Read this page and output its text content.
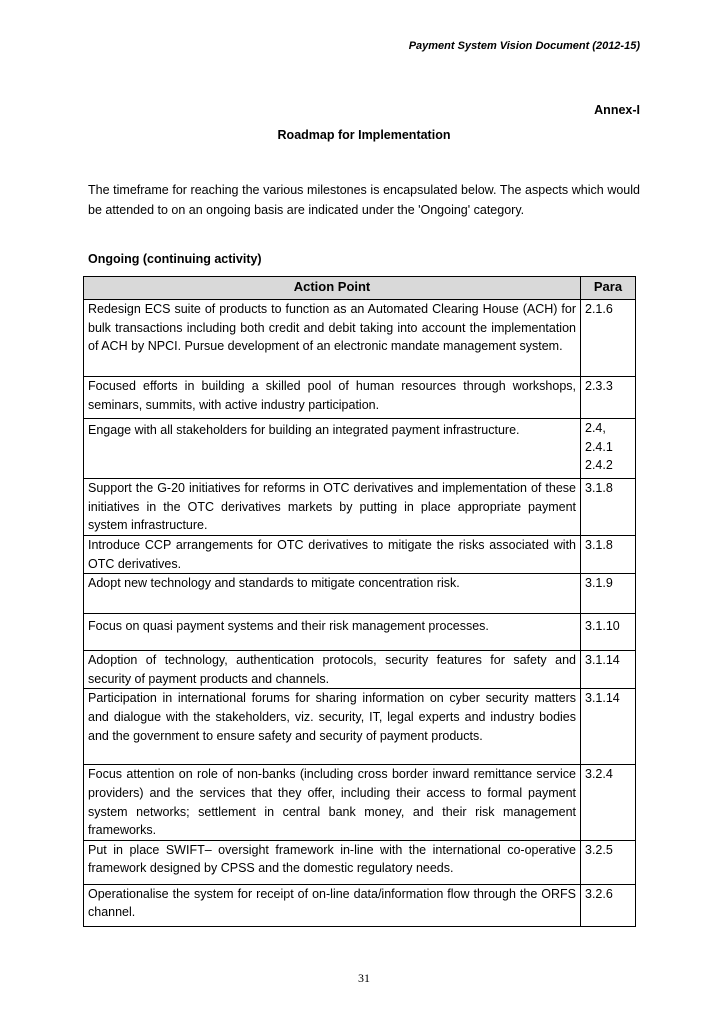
Payment System Vision Document (2012-15)
Annex-I
Roadmap for Implementation
The timeframe for reaching the various milestones is encapsulated below. The aspects which would be attended to on an ongoing basis are indicated under the 'Ongoing' category.
Ongoing (continuing activity)
Action Point	Para
Redesign ECS suite of products to function as an Automated Clearing House (ACH) for bulk transactions including both credit and debit taking into account the implementation of ACH by NPCI. Pursue development of an electronic mandate management system.	2.1.6
Focused efforts in building a skilled pool of human resources through workshops, seminars, summits, with active industry participation.	2.3.3
Engage with all stakeholders for building an integrated payment infrastructure.	2.4,
2.4.1
2.4.2

Support the G-20 initiatives for reforms in OTC derivatives and implementation of these initiatives in the OTC derivatives markets by putting in place appropriate payment system infrastructure.	3.1.8
Introduce CCP arrangements for OTC derivatives to mitigate the risks associated with OTC derivatives.	3.1.8
Adopt new technology and standards to mitigate concentration risk.	3.1.9
Focus on quasi payment systems and their risk management processes.	3.1.10
Adoption of technology, authentication protocols, security features for safety and security of payment products and channels.	3.1.14
Participation in international forums for sharing information on cyber security matters and dialogue with the stakeholders, viz. security, IT, legal experts and industry bodies and the government to ensure safety and security of payment products.	3.1.14
Focus attention on role of non-banks (including cross border inward remittance service providers) and the services that they offer, including their access to formal payment system networks; settlement in central bank money, and their risk management frameworks.	3.2.4
Put in place SWIFT– oversight framework in-line with the international co-operative framework designed by CPSS and the domestic regulatory needs.	3.2.5
Operationalise the system for receipt of on-line data/information flow through the ORFS channel.	3.2.6
31
